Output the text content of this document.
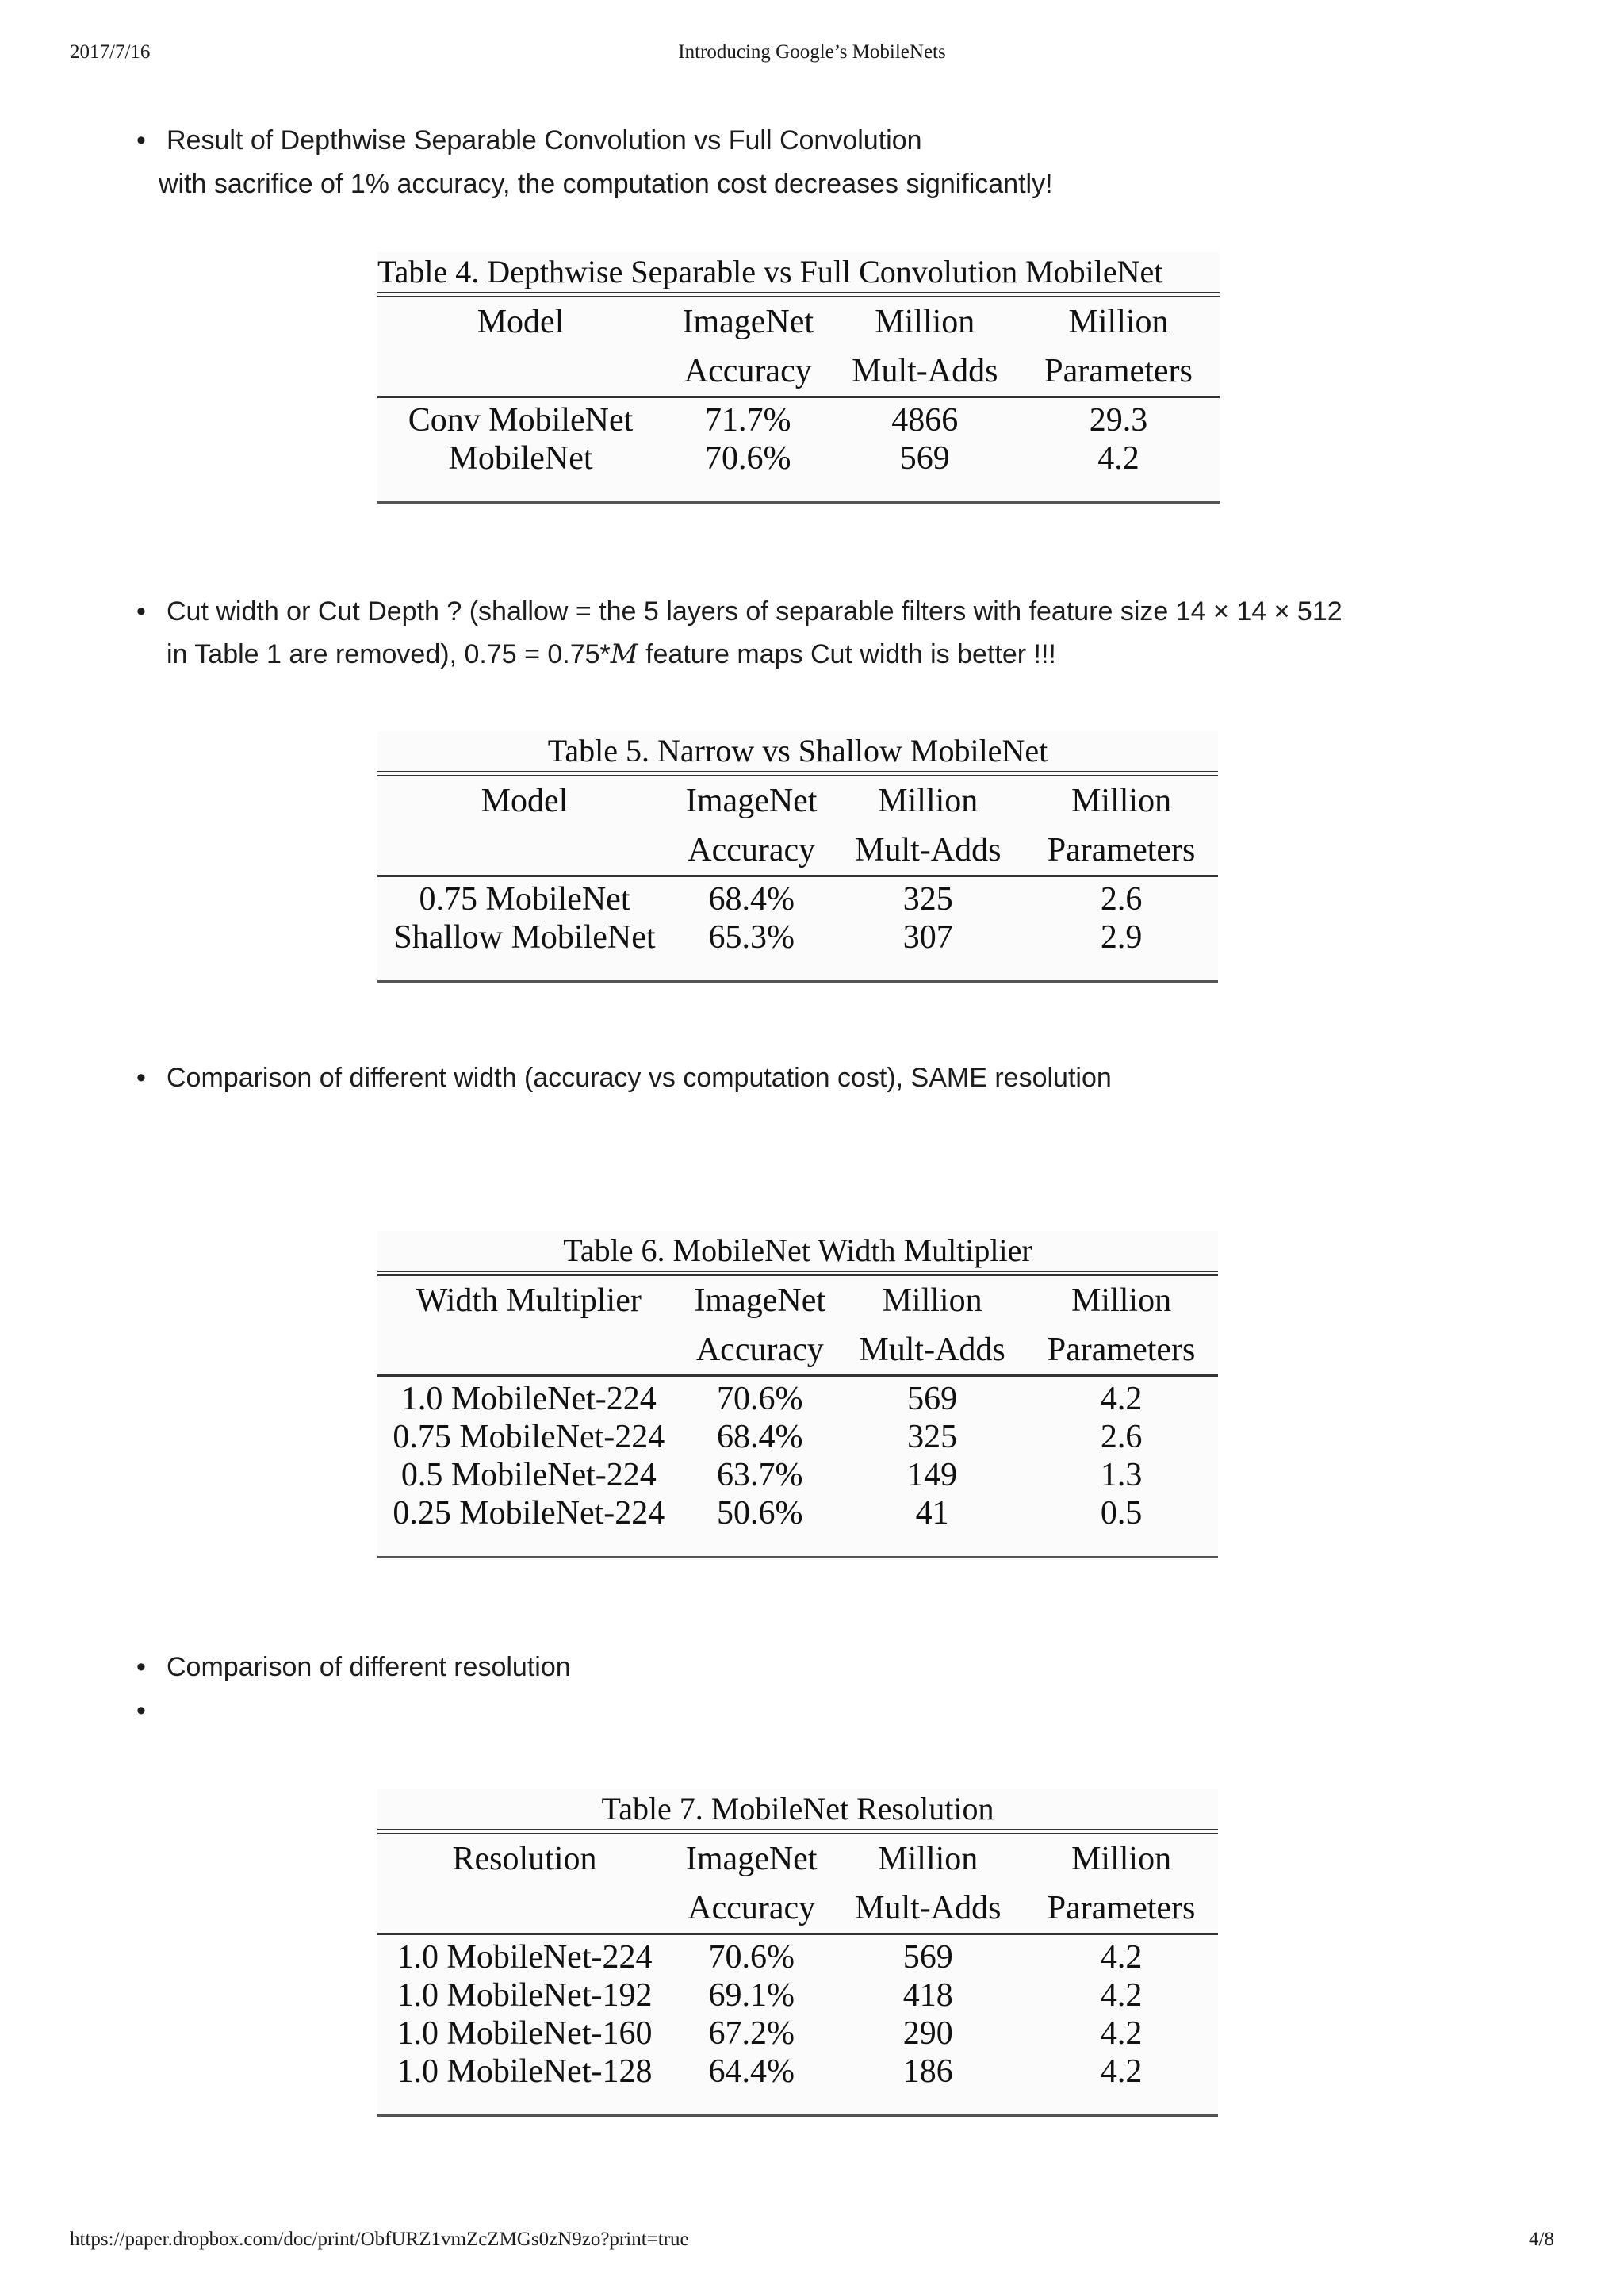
2017/7/16	Introducing Google’s MobileNets
• Result of Depthwise Separable Convolution vs Full Convolution
with sacrifice of 1% accuracy, the computation cost decreases significantly!
Table 4. Depthwise Separable vs Full Convolution MobileNet
Model	ImageNet	Million	Million
	Accuracy	Mult-Adds	Parameters
Conv MobileNet	71.7%	4866	29.3
MobileNet	70.6%	569	4.2
• Cut width or Cut Depth ? (shallow = the 5 layers of separable filters with feature size 14 × 14 × 512
in Table 1 are removed), 0.75 = 0.75*M feature maps Cut width is better !!!
Table 5. Narrow vs Shallow MobileNet
Model	ImageNet	Million	Million
	Accuracy	Mult-Adds	Parameters
0.75 MobileNet	68.4%	325	2.6
Shallow MobileNet	65.3%	307	2.9
• Comparison of different width (accuracy vs computation cost), SAME resolution
Table 6. MobileNet Width Multiplier
Width Multiplier	ImageNet	Million	Million
	Accuracy	Mult-Adds	Parameters
1.0 MobileNet-224	70.6%	569	4.2
0.75 MobileNet-224	68.4%	325	2.6
0.5 MobileNet-224	63.7%	149	1.3
0.25 MobileNet-224	50.6%	41	0.5
• Comparison of different resolution
Table 7. MobileNet Resolution
Resolution	ImageNet	Million	Million
	Accuracy	Mult-Adds	Parameters
1.0 MobileNet-224	70.6%	569	4.2
1.0 MobileNet-192	69.1%	418	4.2
1.0 MobileNet-160	67.2%	290	4.2
1.0 MobileNet-128	64.4%	186	4.2
https://paper.dropbox.com/doc/print/ObfURZ1vmZcZMGs0zN9zo?print=true	4/8
